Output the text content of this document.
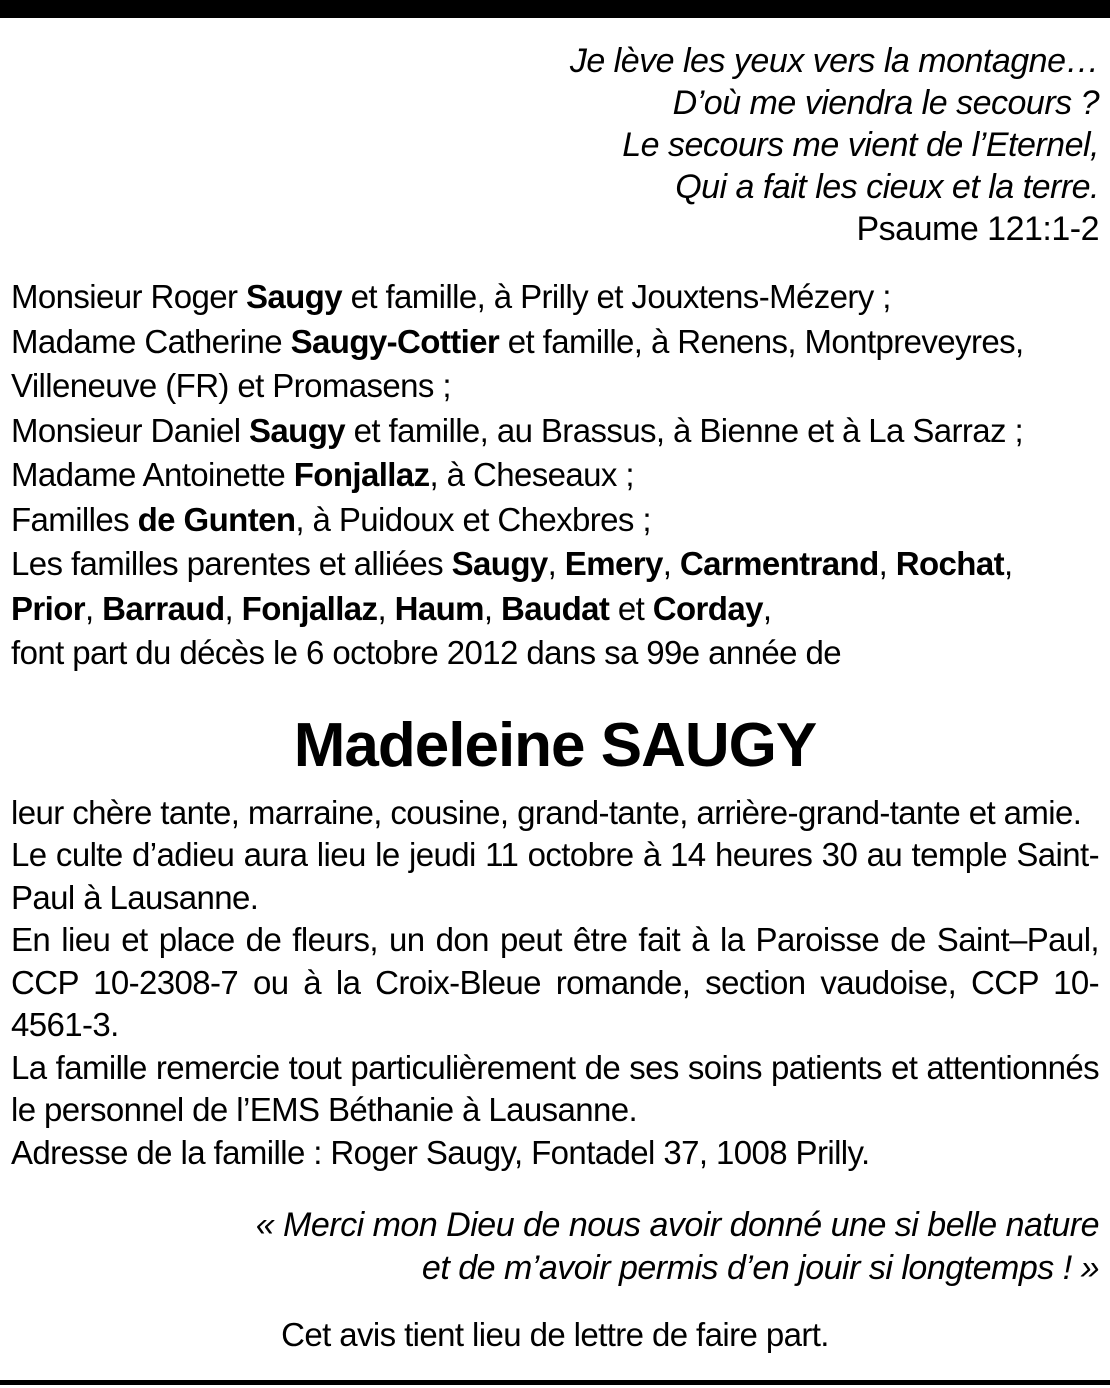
Je lève les yeux vers la montagne…
D’où me viendra le secours ?
Le secours me vient de l’Eternel,
Qui a fait les cieux et la terre.
Psaume 121:1-2
Monsieur Roger Saugy et famille, à Prilly et Jouxtens-Mézery ;
Madame Catherine Saugy-Cottier et famille, à Renens, Montpreveyres,
Villeneuve (FR) et Promasens ;
Monsieur Daniel Saugy et famille, au Brassus, à Bienne et à La Sarraz ;
Madame Antoinette Fonjallaz, à Cheseaux ;
Familles de Gunten, à Puidoux et Chexbres ;
Les familles parentes et alliées Saugy, Emery, Carmentrand, Rochat,
Prior, Barraud, Fonjallaz, Haum, Baudat et Corday,
font part du décès le 6 octobre 2012 dans sa 99e année de
Madeleine SAUGY

leur chère tante, marraine, cousine, grand-tante, arrière-grand-tante et amie.

Le culte d’adieu aura lieu le jeudi 11 octobre à 14 heures 30 au temple Saint-Paul à Lausanne.

En lieu et place de fleurs, un don peut être fait à la Paroisse de Saint–Paul, CCP 10-2308-7 ou à la Croix-Bleue romande, section vaudoise, CCP 10-4561-3.

La famille remercie tout particulièrement de ses soins patients et attentionnés le personnel de l’EMS Béthanie à Lausanne.

Adresse de la famille : Roger Saugy, Fontadel 37, 1008 Prilly.

« Merci mon Dieu de nous avoir donné une si belle nature
et de m’avoir permis d’en jouir si longtemps ! »
Cet avis tient lieu de lettre de faire part.
